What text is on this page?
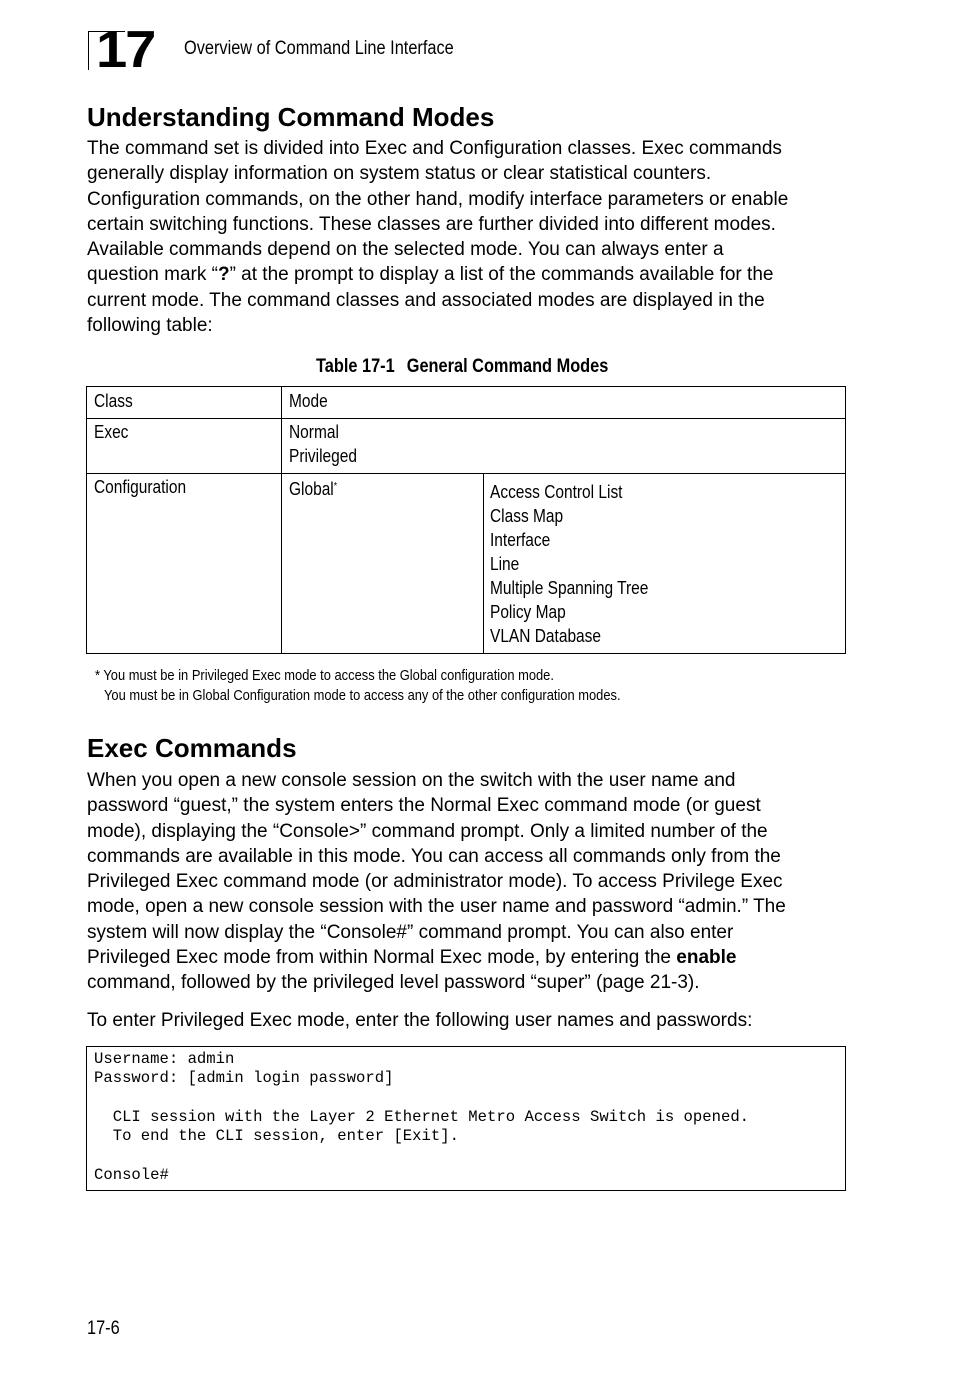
17 Overview of Command Line Interface
Understanding Command Modes
The command set is divided into Exec and Configuration classes. Exec commands
generally display information on system status or clear statistical counters.
Configuration commands, on the other hand, modify interface parameters or enable
certain switching functions. These classes are further divided into different modes.
Available commands depend on the selected mode. You can always enter a
question mark “?” at the prompt to display a list of the commands available for the
current mode. The command classes and associated modes are displayed in the
following table:
Table 17-1 General Command Modes
Class	Mode
Exec	Normal
Privileged
Configuration	Global*	Access Control List
Class Map
Interface
Line
Multiple Spanning Tree
Policy Map
VLAN Database
* You must be in Privileged Exec mode to access the Global configuration mode.
You must be in Global Configuration mode to access any of the other configuration modes.
Exec Commands
When you open a new console session on the switch with the user name and
password “guest,” the system enters the Normal Exec command mode (or guest
mode), displaying the “Console>” command prompt. Only a limited number of the
commands are available in this mode. You can access all commands only from the
Privileged Exec command mode (or administrator mode). To access Privilege Exec
mode, open a new console session with the user name and password “admin.” The
system will now display the “Console#” command prompt. You can also enter
Privileged Exec mode from within Normal Exec mode, by entering the enable
command, followed by the privileged level password “super” (page 21-3).
To enter Privileged Exec mode, enter the following user names and passwords:
Username: admin
Password: [admin login password]
CLI session with the Layer 2 Ethernet Metro Access Switch is opened.
To end the CLI session, enter [Exit].
Console#
17-6
